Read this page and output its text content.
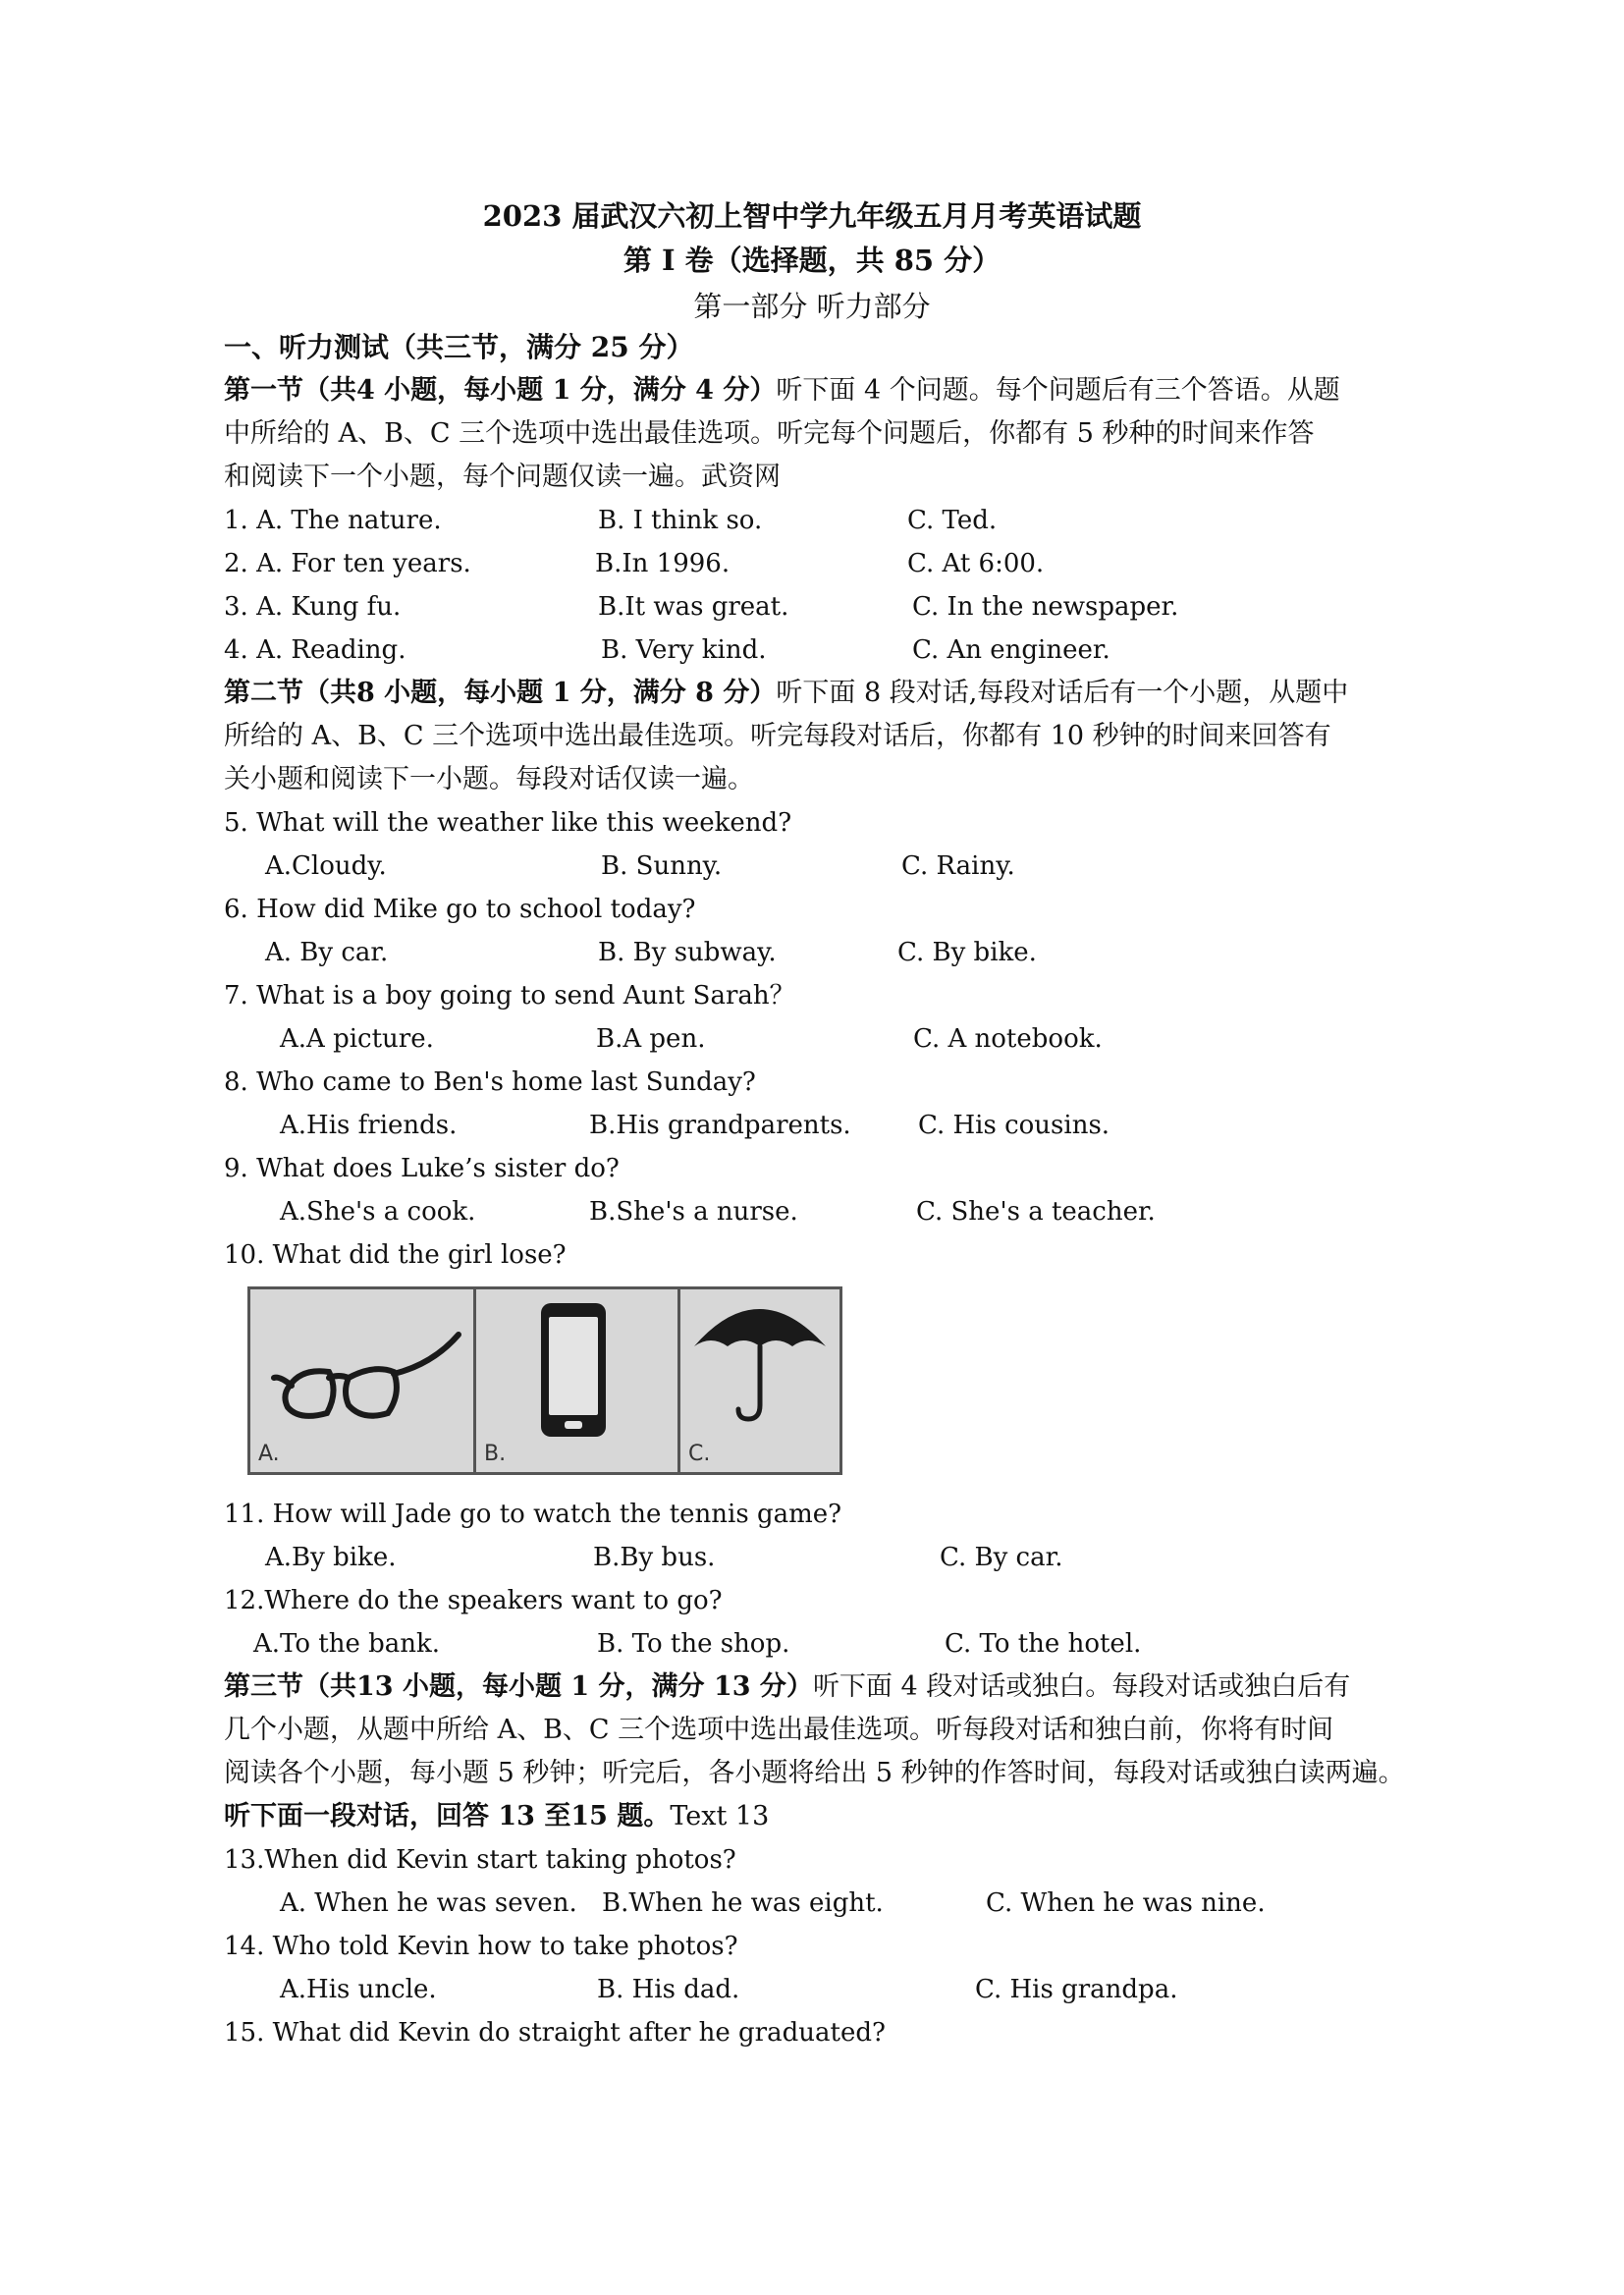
2023 届武汉六初上智中学九年级五月月考英语试题
第 I 卷（选择题，共 85 分）
第一部分 听力部分
一、听力测试（共三节，满分 25 分）
第一节（共4 小题，每小题 1 分，满分 4 分）听下面 4 个问题。每个问题后有三个答语。从题
中所给的 A、B、C 三个选项中选出最佳选项。听完每个问题后，你都有 5 秒种的时间来作答
和阅读下一个小题，每个问题仅读一遍。武资网
1. A. The nature.	B. I think so.	C. Ted.
2. A. For ten years.	B.In 1996.	C. At 6:00.
3. A. Kung fu.	B.It was great.	C. In the newspaper.
4. A. Reading.	B. Very kind.	C. An engineer.
第二节（共8 小题，每小题 1 分，满分 8 分）听下面 8 段对话,每段对话后有一个小题，从题中
所给的 A、B、C 三个选项中选出最佳选项。听完每段对话后，你都有 10 秒钟的时间来回答有
关小题和阅读下一小题。每段对话仅读一遍。
5. What will the weather like this weekend?
A.Cloudy.	B. Sunny.	C. Rainy.
6. How did Mike go to school today?
A. By car.	B. By subway.	C. By bike.
7. What is a boy going to send Aunt Sarah？
A.A picture.	B.A pen.	C. A notebook.
8. Who came to Ben's home last Sunday?
A.His friends.	B.His grandparents.	C. His cousins.
9. What does Luke’s sister do?
A.She's a cook.	B.She's a nurse.	C. She's a teacher.
10. What did the girl lose?
A.	B.	C.
11. How will Jade go to watch the tennis game?
A.By bike.	B.By bus.	C. By car.
12.Where do the speakers want to go?
A.To the bank.	B. To the shop.	C. To the hotel.
第三节（共13 小题，每小题 1 分，满分 13 分）听下面 4 段对话或独白。每段对话或独白后有
几个小题，从题中所给 A、B、C 三个选项中选出最佳选项。听每段对话和独白前，你将有时间
阅读各个小题，每小题 5 秒钟；听完后，各小题将给出 5 秒钟的作答时间，每段对话或独白读两遍。
听下面一段对话，回答 13 至15 题。Text 13
13.When did Kevin start taking photos?
A. When he was seven. B.When he was eight.	C. When he was nine.
14. Who told Kevin how to take photos?
A.His uncle.	B. His dad.	C. His grandpa.
15. What did Kevin do straight after he graduated?
